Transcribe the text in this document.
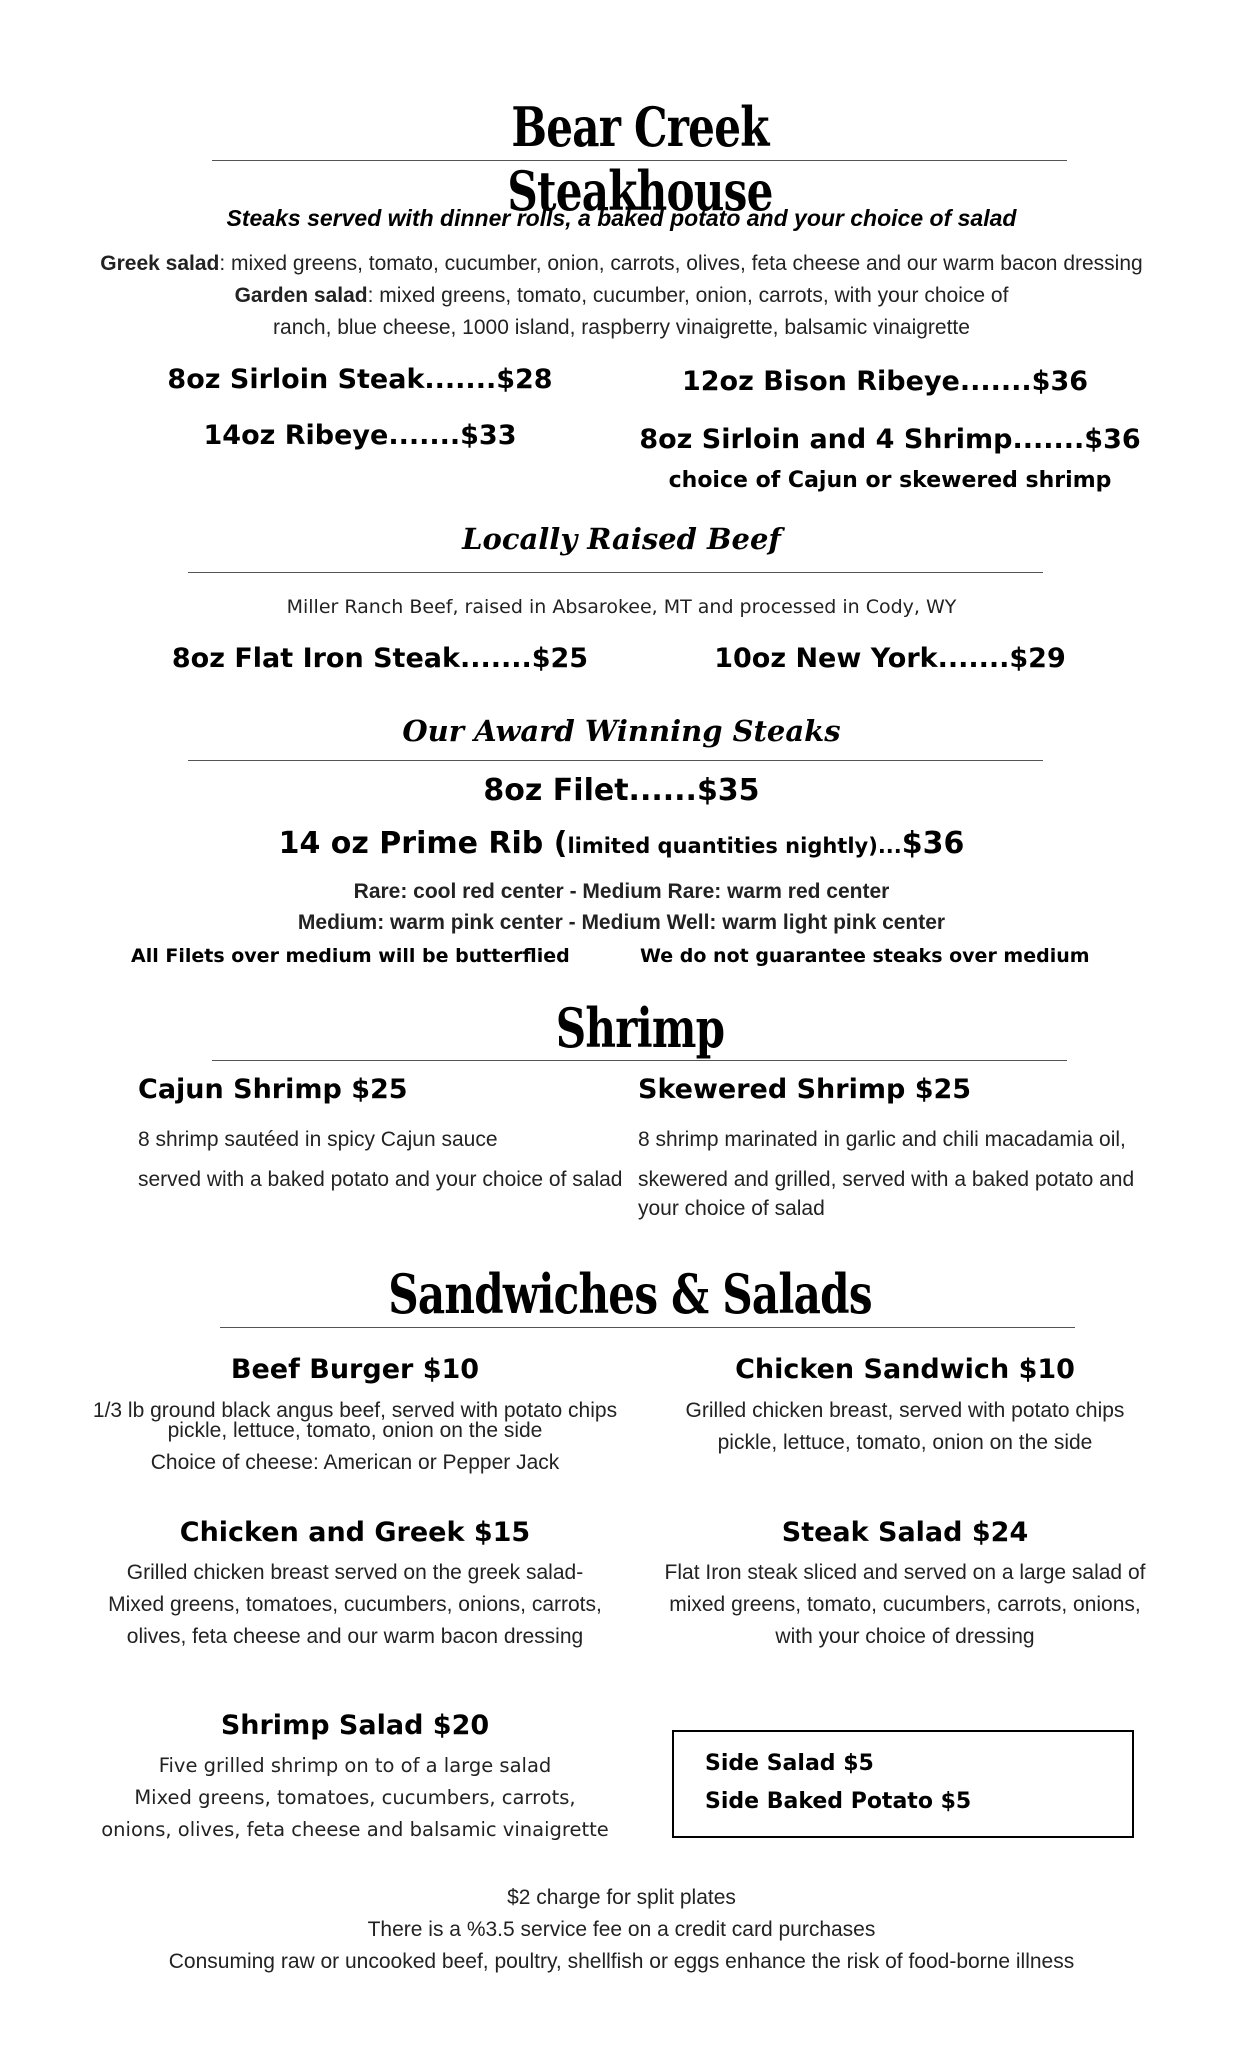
Bear Creek Steakhouse
Steaks served with dinner rolls, a baked potato and your choice of salad
Greek salad: mixed greens, tomato, cucumber, onion, carrots, olives, feta cheese and our warm bacon dressing
Garden salad: mixed greens, tomato, cucumber, onion, carrots, with your choice of
ranch, blue cheese, 1000 island, raspberry vinaigrette, balsamic vinaigrette
8oz Sirloin Steak.......$28	12oz Bison Ribeye.......$36
14oz Ribeye.......$33	8oz Sirloin and 4 Shrimp.......$36
choice of Cajun or skewered shrimp
Locally Raised Beef
Miller Ranch Beef, raised in Absarokee, MT and processed in Cody, WY
8oz Flat Iron Steak.......$25	10oz New York.......$29
Our Award Winning Steaks
8oz Filet......$35
14 oz Prime Rib (limited quantities nightly)...$36
Rare: cool red center - Medium Rare: warm red center
Medium: warm pink center - Medium Well: warm light pink center
All Filets over medium will be butterflied	We do not guarantee steaks over medium
Shrimp
Cajun Shrimp $25
8 shrimp sautéed in spicy Cajun sauce
served with a baked potato and your choice of salad
Skewered Shrimp $25
8 shrimp marinated in garlic and chili macadamia oil,
skewered and grilled, served with a baked potato and
your choice of salad
Sandwiches & Salads
Beef Burger $10
1/3 lb ground black angus beef, served with potato chips
pickle, lettuce, tomato, onion on the side
Choice of cheese: American or Pepper Jack
Chicken Sandwich $10
Grilled chicken breast, served with potato chips
pickle, lettuce, tomato, onion on the side
Chicken and Greek $15
Grilled chicken breast served on the greek salad-
Mixed greens, tomatoes, cucumbers, onions, carrots,
olives, feta cheese and our warm bacon dressing
Steak Salad $24
Flat Iron steak sliced and served on a large salad of
mixed greens, tomato, cucumbers, carrots, onions,
with your choice of dressing
Shrimp Salad $20
Five grilled shrimp on to of a large salad
Mixed greens, tomatoes, cucumbers, carrots,
onions, olives, feta cheese and balsamic vinaigrette
Side Salad $5
Side Baked Potato $5
$2 charge for split plates
There is a %3.5 service fee on a credit card purchases
Consuming raw or uncooked beef, poultry, shellfish or eggs enhance the risk of food-borne illness
